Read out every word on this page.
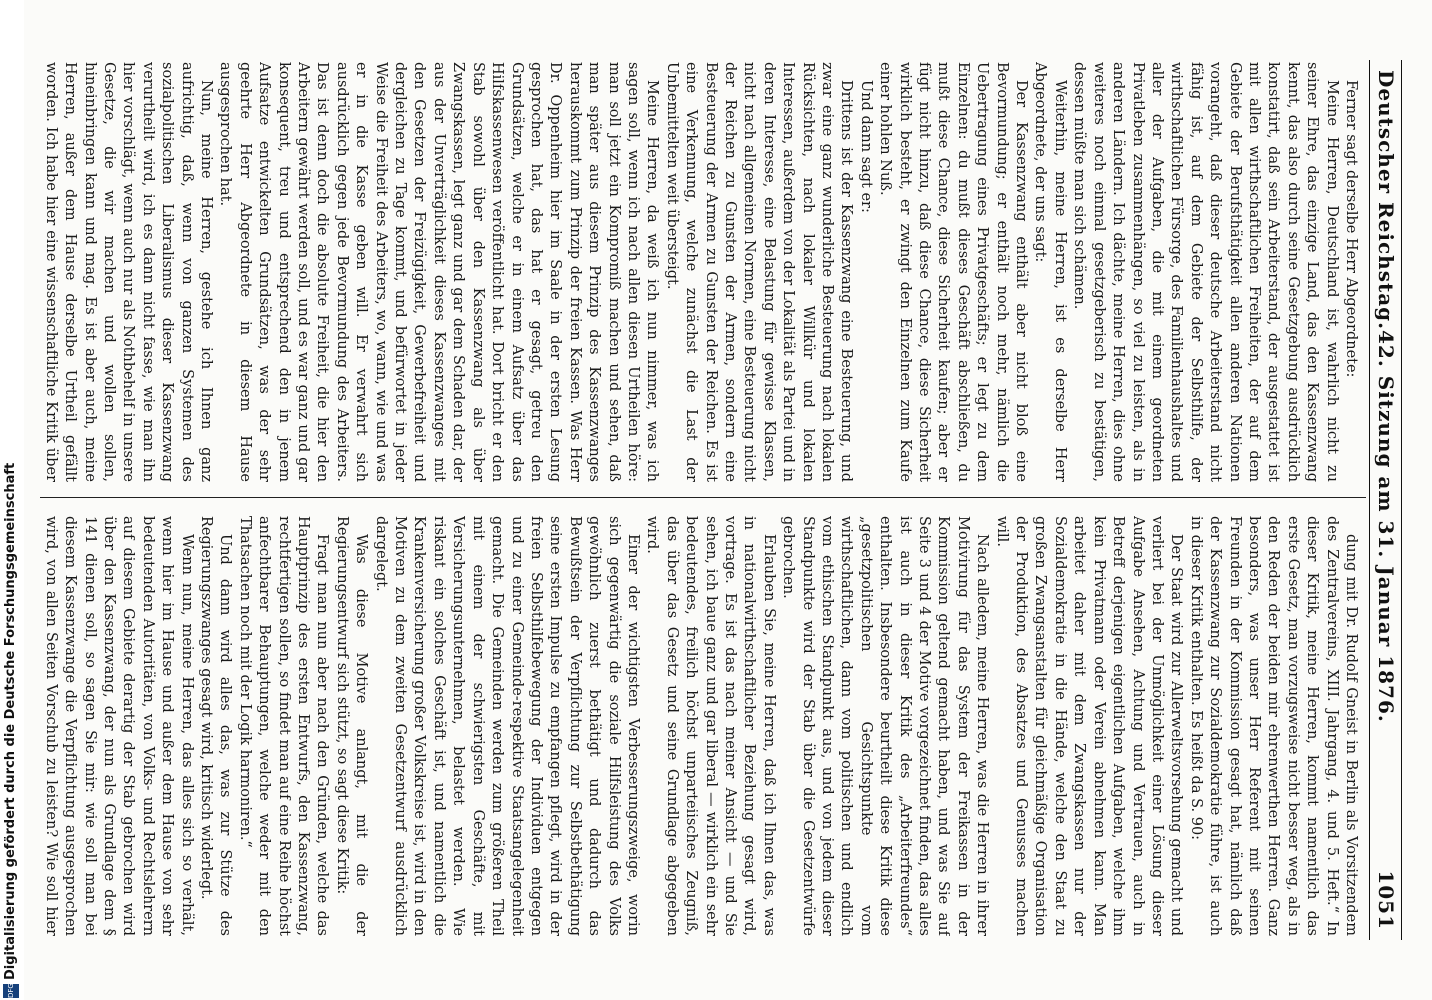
Deutscher Reichstag.
42. Sitzung am 31. Januar 1876.
1051

Ferner sagt derselbe Herr Abgeordnete:

Meine Herren, Deutschland ist, wahrlich nicht zu seiner Ehre, das einzige Land, das den Kassenzwang kennt, das also durch seine Gesetzgebung ausdrücklich konstatirt, daß sein Arbeiterstand, der ausgestattet ist mit allen wirthschaftlichen Freiheiten, der auf dem Gebiete der Berufsthätigkeit allen anderen Nationen vorangeht, daß dieser deutsche Arbeiterstand nicht fähig ist, auf dem Gebiete der Selbsthilfe, der wirthschaftlichen Fürsorge, des Familienhaushaltes und aller der Aufgaben, die mit einem geordneten Privatleben zusammenhängen, so viel zu leisten, als in anderen Ländern. Ich dächte, meine Herren, dies ohne weiteres noch einmal gesetzgeberisch zu bestätigen, dessen müßte man sich schämen.

Weiterhin, meine Herren, ist es derselbe Herr Abgeordnete, der uns sagt:

Der Kassenzwang enthält aber nicht bloß eine Bevormundung; er enthält noch mehr, nämlich die Uebertragung eines Privatgeschäfts; er legt zu dem Einzelnen: du mußt dieses Geschäft abschließen, du mußt diese Chance, diese Sicherheit kaufen; aber er fügt nicht hinzu, daß diese Chance, diese Sicherheit wirklich besteht, er zwingt den Einzelnen zum Kaufe einer hohlen Nuß.

Und dann sagt er:

Drittens ist der Kassenzwang eine Besteuerung, und zwar eine ganz wunderliche Besteuerung nach lokalen Rücksichten, nach lokaler Willkür und lokalen Interessen, außerdem von der Lokalität als Partei und in deren Interesse, eine Belastung für gewisse Klassen, nicht nach allgemeinen Normen, eine Besteuerung nicht der Reichen zu Gunsten der Armen, sondern eine Besteuerung der Armen zu Gunsten der Reichen. Es ist eine Verkennung, welche zunächst die Last der Unbemittelten weit übersteigt.

Meine Herren, da weiß ich nun nimmer, was ich sagen soll, wenn ich nach allen diesen Urtheilen höre: man soll jetzt ein Kompromiß machen und sehen, daß man später aus diesem Prinzip des Kassenzwanges herauskommt zum Prinzip der freien Kassen. Was Herr Dr. Oppenheim hier im Saale in der ersten Lesung gesprochen hat, das hat er gesagt, getreu den Grundsätzen, welche er in einem Aufsatz über das Hilfskassenwesen veröffentlicht hat. Dort bricht er den Stab sowohl über den Kassenzwang als über Zwangskassen, legt ganz und gar dem Schaden dar, der aus der Unverträglichkeit dieses Kassenzwanges mit den Gesetzen der Freizügigkeit, Gewerbefreiheit und dergleichen zu Tage kommt, und befürwortet in jeder Weise die Freiheit des Arbeiters, wo, wann, wie und was er in die Kasse geben will. Er verwahrt sich ausdrücklich gegen jede Bevormundung des Arbeiters. Das ist denn doch die absolute Freiheit, die hier den Arbeitern gewährt werden soll, und es war ganz und gar konsequent, treu und entsprechend den in jenem Aufsatze entwickelten Grundsätzen, was der sehr geehrte Herr Abgeordnete in diesem Hause ausgesprochen hat.

Nun, meine Herren, gestehe ich Ihnen ganz aufrichtig, daß, wenn von ganzen Systemen des sozialpolitischen Liberalismus dieser Kassenzwang verurtheilt wird, ich es dann nicht fasse, wie man ihn hier vorschlägt, wenn auch nur als Nothbehelf in unsere Gesetze, die wir machen und wollen sollen, hineinbringen kann und mag. Es ist aber auch, meine Herren, außer dem Hause derselbe Urtheil gefällt worden. Ich habe hier eine wissenschaftliche Kritik über

dung mit Dr. Rudolf Gneist in Berlin als Vorsitzendem des Zentralvereins, XIII. Jahrgang, 4. und 5. Heft.“ In dieser Kritik, meine Herren, kommt namentlich das erste Gesetz, man vorzugsweise nicht besser weg, als in den Reden der beiden mir ehrenwerthen Herren. Ganz besonders, was unser Herr Referent mit seinen Freunden in der Kommission gesagt hat, nämlich daß der Kassenzwang zur Sozialdemokratie führe, ist auch in dieser Kritik enthalten. Es heißt da S. 90:

Der Staat wird zur Allerweltsvorsehung gemacht und verliert bei der Unmöglichkeit einer Lösung dieser Aufgabe Ansehen, Achtung und Vertrauen, auch in Betreff derjenigen eigentlichen Aufgaben, welche ihm kein Privatmann oder Verein abnehmen kann. Man arbeitet daher mit dem Zwangskassen nur der Sozialdemokratie in die Hände, welche den Staat zu großen Zwangsanstalten für gleichmäßige Organisation der Produktion, des Absatzes und Genusses machen will.

Nach alledem, meine Herren, was die Herren in ihrer Motivirung für das System der Freikassen in der Kommission geltend gemacht haben, und was Sie auf Seite 3 und 4 der Motive vorgezeichnet finden, das alles ist auch in dieser Kritik des „Arbeiterfreundes“ enthalten. Insbesondere beurtheilt diese Kritik diese „gesetzpolitischen Gesichtspunkte vom wirthschaftlichen, dann vom politischen und endlich vom ethischen Standpunkt aus, und von jedem dieser Standpunkte wird der Stab über die Gesetzentwürfe gebrochen.

Erlauben Sie, meine Herren, daß ich Ihnen das, was in nationalwirthschaftlicher Beziehung gesagt wird, vortrage. Es ist das nach meiner Ansicht — und Sie sehen, ich baue ganz und gar liberal — wirklich ein sehr bedeutendes, freilich höchst unparteiisches Zeugniß, das über das Gesetz und seine Grundlage abgegeben wird.

Einer der wichtigsten Verbesserungszweige, worin sich gegenwärtig die soziale Hilfsleistung des Volks gewöhnlich zuerst bethätigt und dadurch das Bewußtsein der Verpflichtung zur Selbstbethätigung seine ersten Impulse zu empfangen pflegt, wird in der freien Selbsthilfebewegung der Individuen entgegen und zu einer Gemeinde-respektive Staatsangelegenheit gemacht. Die Gemeinden werden zum größeren Theil mit einem der schwierigsten Geschäfte, mit Versicherungsunternehmen, belastet werden. Wie riskant ein solches Geschäft ist, und namentlich die Krankenversicherung großer Volkskreise ist, wird in den Motiven zu dem zweiten Gesetzentwurf ausdrücklich dargelegt.

Was diese Motive anlangt, mit die der Regierungsentwurf sich stützt, so sagt diese Kritik:

Fragt man nun aber nach den Gründen, welche das Hauptprinzip des ersten Entwurfs, den Kassenzwang, rechtfertigen sollen, so findet man auf eine Reihe höchst anfechtbarer Behauptungen, welche weder mit den Thatsachen noch mit der Logik harmoniren.“

Und dann wird alles das, was zur Stütze des Regierungszwanges gesagt wird, kritisch widerlegt.

Wenn nun, meine Herren, das alles sich so verhält, wenn hier im Hause und außer dem Hause von sehr bedeutenden Autoritäten, von Volks- und Rechtslehrern auf diesem Gebiete derartig der Stab gebrochen wird über den Kassenzwang, der nun als Grundlage dem § 141 dienen soll, so sagen Sie mir: wie soll man bei diesem Kassenzwange die Verpflichtung ausgesprochen wird, von allen Seiten Vorschub zu leisten? Wie soll hier

DFG
Digitalisierung gefördert durch die Deutsche Forschungsgemeinschaft
